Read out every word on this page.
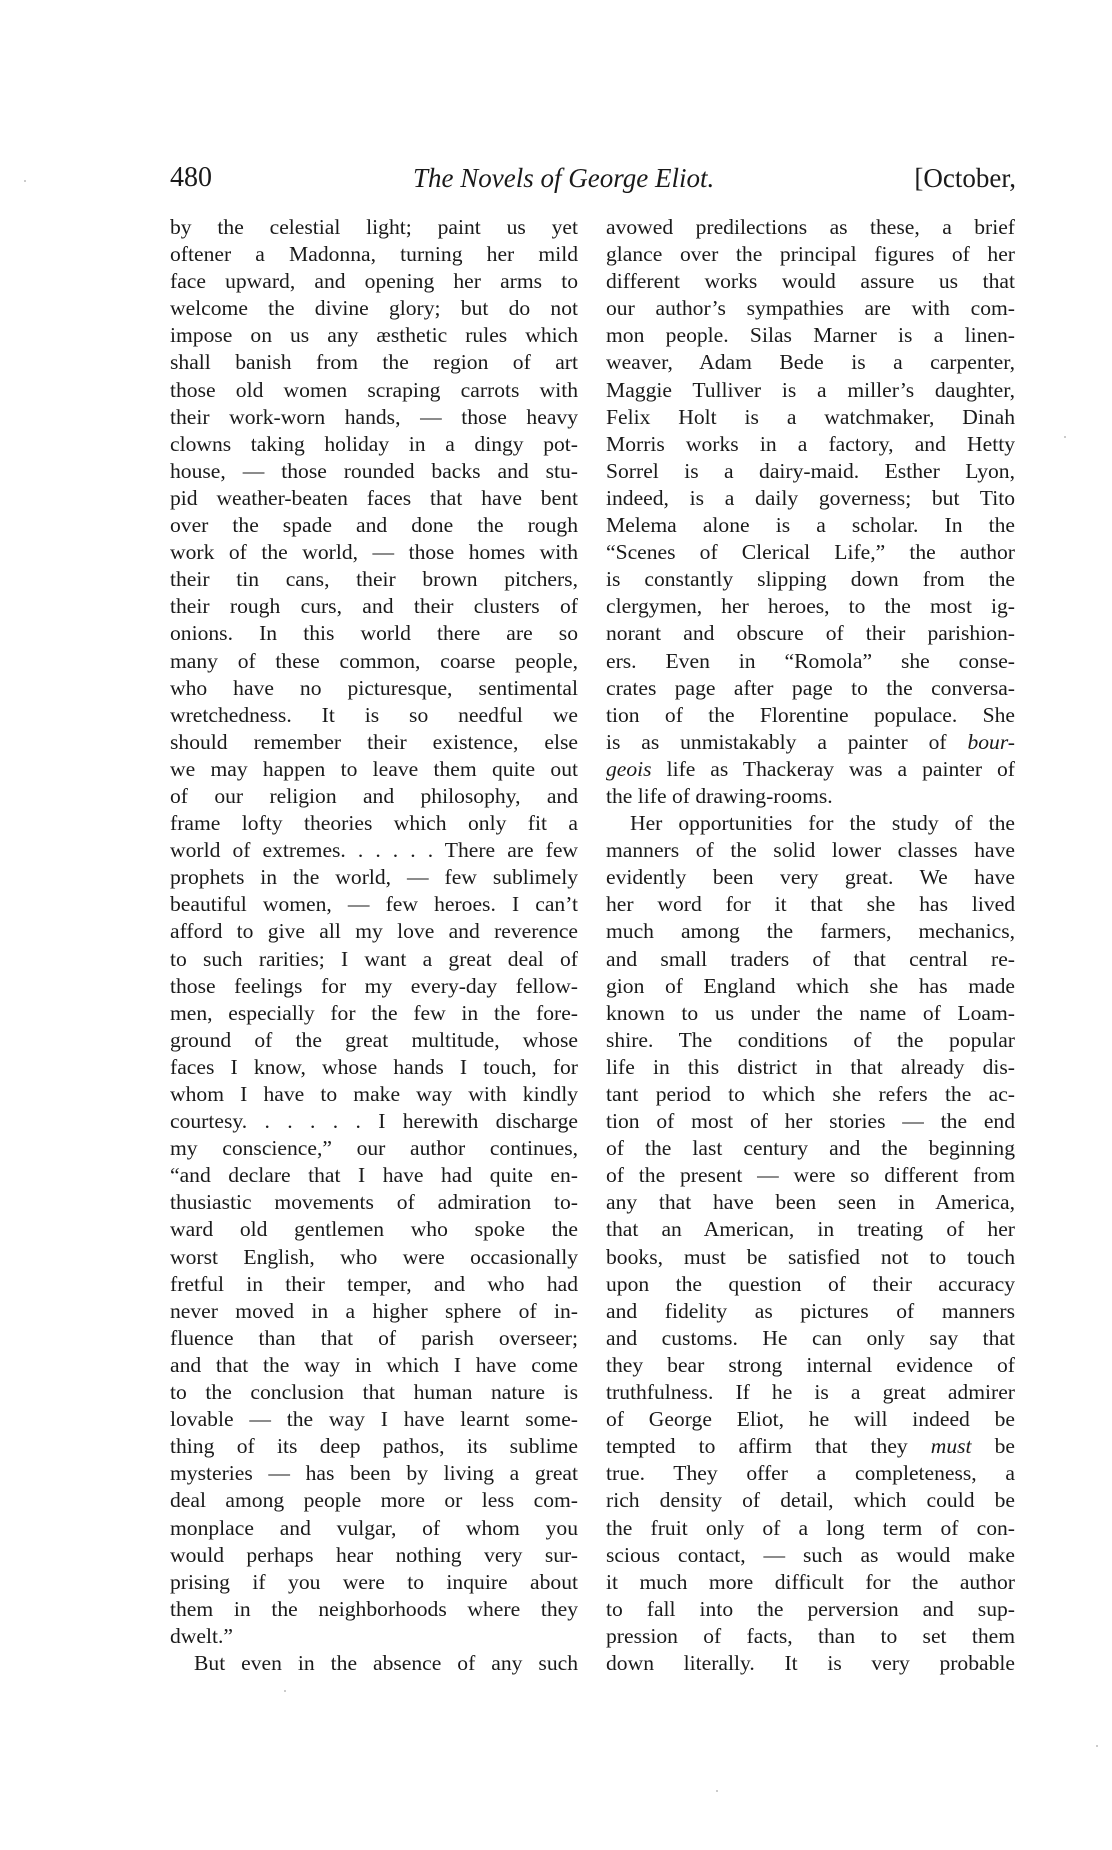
480	The Novels of George Eliot.	[October,
by the celestial light; paint us yet
oftener a Madonna, turning her mild
face upward, and opening her arms to
welcome the divine glory; but do not
impose on us any æsthetic rules which
shall banish from the region of art
those old women scraping carrots with
their work-worn hands, — those heavy
clowns taking holiday in a dingy pot-
house, — those rounded backs and stu-
pid weather-beaten faces that have bent
over the spade and done the rough
work of the world, — those homes with
their tin cans, their brown pitchers,
their rough curs, and their clusters of
onions. In this world there are so
many of these common, coarse people,
who have no picturesque, sentimental
wretchedness. It is so needful we
should remember their existence, else
we may happen to leave them quite out
of our religion and philosophy, and
frame lofty theories which only fit a
world of extremes. . . . . . There are few
prophets in the world, — few sublimely
beautiful women, — few heroes. I can’t
afford to give all my love and reverence
to such rarities; I want a great deal of
those feelings for my every-day fellow-
men, especially for the few in the fore-
ground of the great multitude, whose
faces I know, whose hands I touch, for
whom I have to make way with kindly
courtesy. . . . . . I herewith discharge
my conscience,” our author continues,
“and declare that I have had quite en-
thusiastic movements of admiration to-
ward old gentlemen who spoke the
worst English, who were occasionally
fretful in their temper, and who had
never moved in a higher sphere of in-
fluence than that of parish overseer;
and that the way in which I have come
to the conclusion that human nature is
lovable — the way I have learnt some-
thing of its deep pathos, its sublime
mysteries — has been by living a great
deal among people more or less com-
monplace and vulgar, of whom you
would perhaps hear nothing very sur-
prising if you were to inquire about
them in the neighborhoods where they
dwelt.”
But even in the absence of any such
avowed predilections as these, a brief
glance over the principal figures of her
different works would assure us that
our author’s sympathies are with com-
mon people. Silas Marner is a linen-
weaver, Adam Bede is a carpenter,
Maggie Tulliver is a miller’s daughter,
Felix Holt is a watchmaker, Dinah
Morris works in a factory, and Hetty
Sorrel is a dairy-maid. Esther Lyon,
indeed, is a daily governess; but Tito
Melema alone is a scholar. In the
“Scenes of Clerical Life,” the author
is constantly slipping down from the
clergymen, her heroes, to the most ig-
norant and obscure of their parishion-
ers. Even in “Romola” she conse-
crates page after page to the conversa-
tion of the Florentine populace. She
is as unmistakably a painter of bour-
geois life as Thackeray was a painter of
the life of drawing-rooms.
Her opportunities for the study of the
manners of the solid lower classes have
evidently been very great. We have
her word for it that she has lived
much among the farmers, mechanics,
and small traders of that central re-
gion of England which she has made
known to us under the name of Loam-
shire. The conditions of the popular
life in this district in that already dis-
tant period to which she refers the ac-
tion of most of her stories — the end
of the last century and the beginning
of the present — were so different from
any that have been seen in America,
that an American, in treating of her
books, must be satisfied not to touch
upon the question of their accuracy
and fidelity as pictures of manners
and customs. He can only say that
they bear strong internal evidence of
truthfulness. If he is a great admirer
of George Eliot, he will indeed be
tempted to affirm that they must be
true. They offer a completeness, a
rich density of detail, which could be
the fruit only of a long term of con-
scious contact, — such as would make
it much more difficult for the author
to fall into the perversion and sup-
pression of facts, than to set them
down literally. It is very probable
